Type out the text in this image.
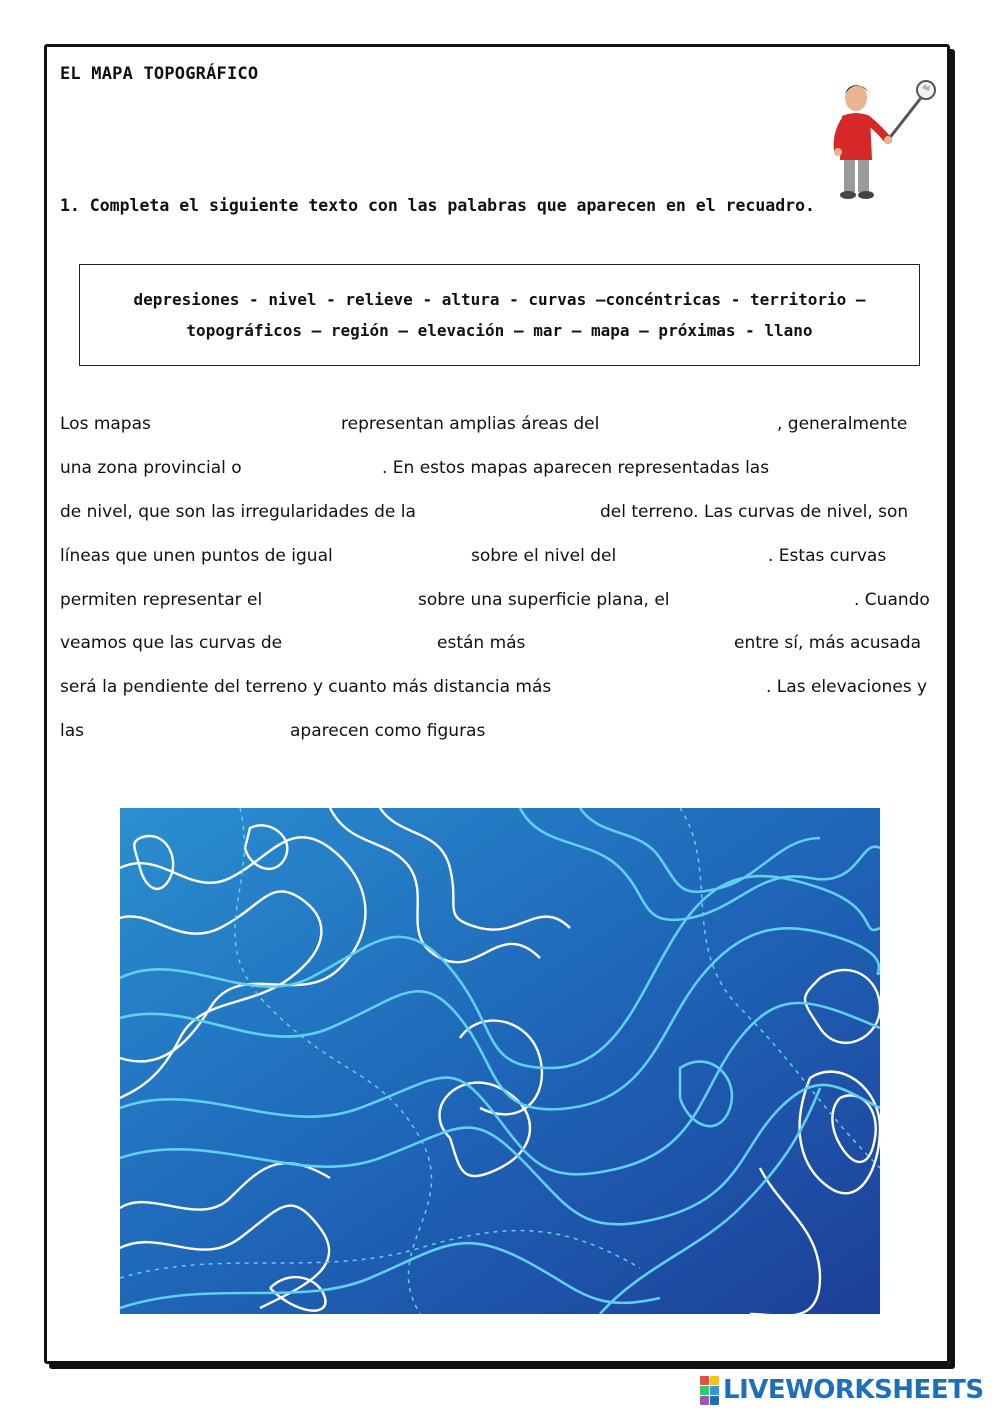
EL MAPA TOPOGRÁFICO
1. Completa el siguiente texto con las palabras que aparecen en el recuadro.
depresiones - nivel - relieve - altura - curvas –concéntricas - territorio –
topográficos – región – elevación – mar – mapa – próximas - llano
Los mapas	representan amplias áreas del	, generalmente
una zona provincial o	. En estos mapas aparecen representadas las
de nivel, que son las irregularidades de la	del terreno. Las curvas de nivel, son
líneas que unen puntos de igual	sobre el nivel del	. Estas curvas
permiten representar el	sobre una superficie plana, el	. Cuando
veamos que las curvas de	están más	entre sí, más acusada
será la pendiente del terreno y cuanto más distancia más	. Las elevaciones y
las	aparecen como figuras
LIVEWORKSHEETS
